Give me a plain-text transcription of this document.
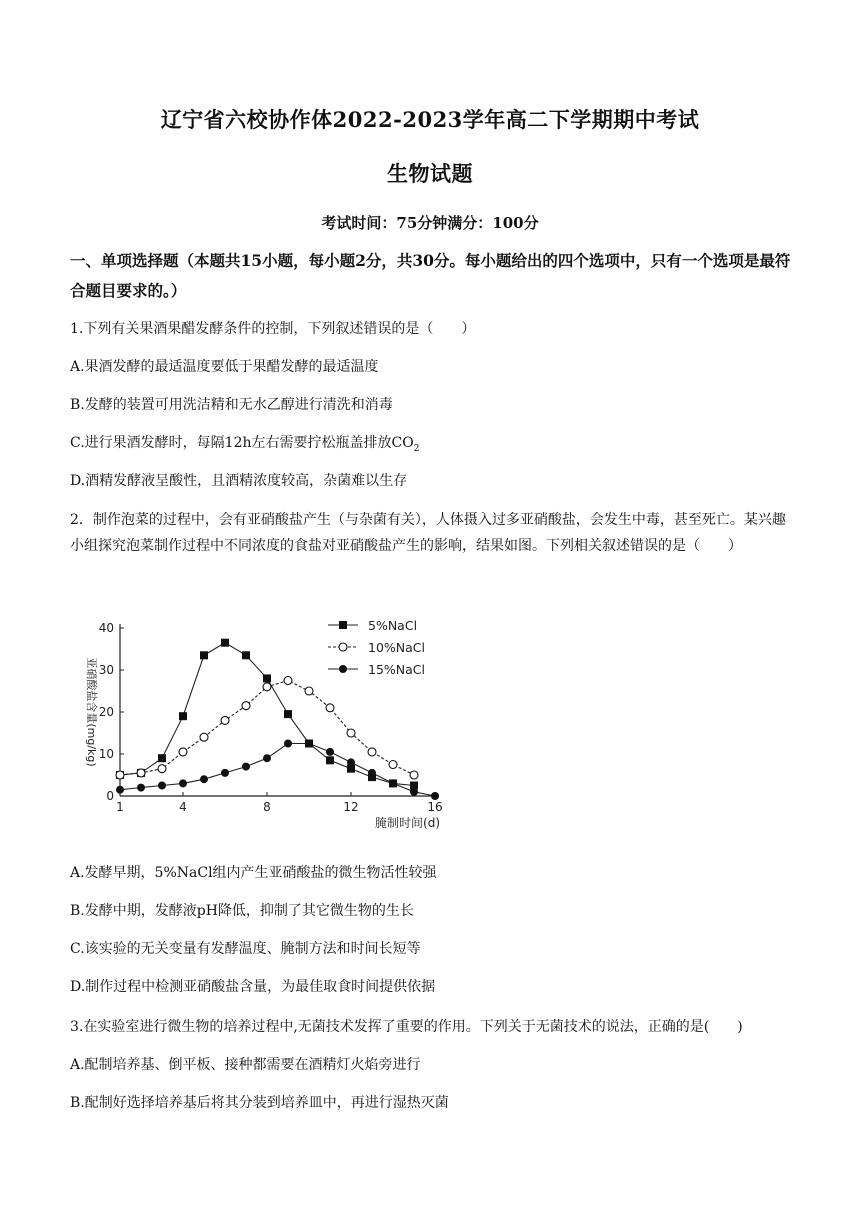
辽宁省六校协作体2022-2023学年高二下学期期中考试
生物试题
考试时间：75分钟满分：100分
一、单项选择题（本题共15小题，每小题2分，共30分。每小题给出的四个选项中，只有一个选项是最符合题目要求的。）
1.下列有关果酒果醋发酵条件的控制，下列叙述错误的是（　　）
A.果酒发酵的最适温度要低于果醋发酵的最适温度
B.发酵的装置可用洗洁精和无水乙醇进行清洗和消毒
C.进行果酒发酵时，每隔12h左右需要拧松瓶盖排放$CO_2$
D.酒精发酵液呈酸性，且酒精浓度较高，杂菌难以生存
2．制作泡菜的过程中，会有亚硝酸盐产生（与杂菌有关），人体摄入过多亚硝酸盐，会发生中毒，甚至死亡。某兴趣小组探究泡菜制作过程中不同浓度的食盐对亚硝酸盐产生的影响，结果如图。下列相关叙述错误的是（　　）
1	4	8	12	16
0
10
20
30
40
腌制时间(d)
亚硝酸盐含量(mg/kg)
5%NaCl
10%NaCl
15%NaCl
A.发酵早期，5%NaCl组内产生亚硝酸盐的微生物活性较强
B.发酵中期，发酵液pH降低，抑制了其它微生物的生长
C.该实验的无关变量有发酵温度、腌制方法和时间长短等
D.制作过程中检测亚硝酸盐含量，为最佳取食时间提供依据
3.在实验室进行微生物的培养过程中,无菌技术发挥了重要的作用。下列关于无菌技术的说法，正确的是(　　)
A.配制培养基、倒平板、接种都需要在酒精灯火焰旁进行
B.配制好选择培养基后将其分装到培养皿中，再进行湿热灭菌
